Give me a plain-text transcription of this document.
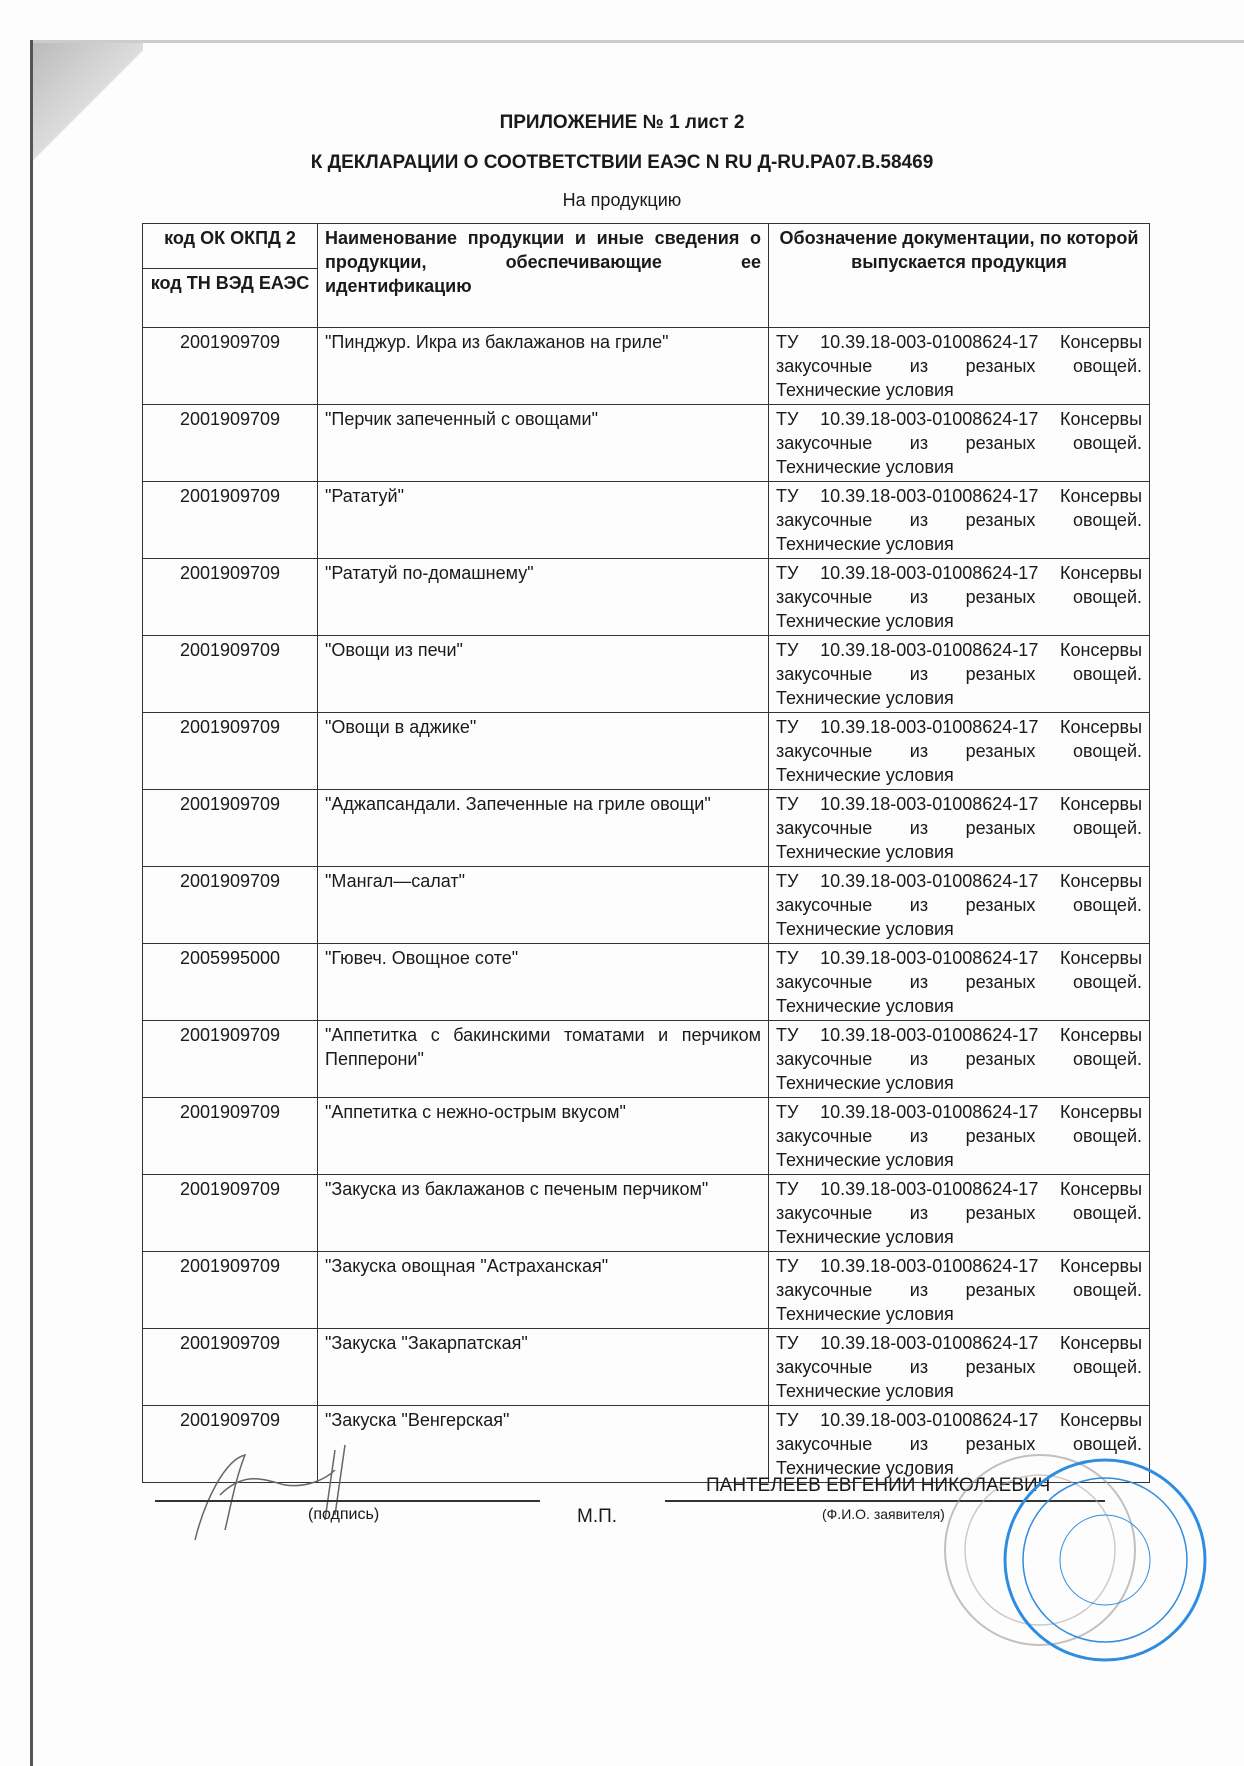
ПРИЛОЖЕНИЕ № 1 лист 2
К ДЕКЛАРАЦИИ О СООТВЕТСТВИИ ЕАЭС N RU Д-RU.PA07.B.58469
На продукцию
код ОК ОКПД 2	Наименование продукции и иные сведения о продукции, обеспечивающие ее идентификацию	Обозначение документации, по которой выпускается продукция
код ТН ВЭД ЕАЭС		
2001909709	"Пинджур. Икра из баклажанов на гриле"	ТУ 10.39.18-003-01008624-17 Консервы закусочные из резаных овощей. Технические условия
2001909709	"Перчик запеченный с овощами"	ТУ 10.39.18-003-01008624-17 Консервы закусочные из резаных овощей. Технические условия
2001909709	"Рататуй"	ТУ 10.39.18-003-01008624-17 Консервы закусочные из резаных овощей. Технические условия
2001909709	"Рататуй по-домашнему"	ТУ 10.39.18-003-01008624-17 Консервы закусочные из резаных овощей. Технические условия
2001909709	"Овощи из печи"	ТУ 10.39.18-003-01008624-17 Консервы закусочные из резаных овощей. Технические условия
2001909709	"Овощи в аджике"	ТУ 10.39.18-003-01008624-17 Консервы закусочные из резаных овощей. Технические условия
2001909709	"Аджапсандали. Запеченные на гриле овощи"	ТУ 10.39.18-003-01008624-17 Консервы закусочные из резаных овощей. Технические условия
2001909709	"Мангал—салат"	ТУ 10.39.18-003-01008624-17 Консервы закусочные из резаных овощей. Технические условия
2005995000	"Гювеч. Овощное соте"	ТУ 10.39.18-003-01008624-17 Консервы закусочные из резаных овощей. Технические условия
2001909709	"Аппетитка с бакинскими томатами и перчиком Пепперони"	ТУ 10.39.18-003-01008624-17 Консервы закусочные из резаных овощей. Технические условия
2001909709	"Аппетитка с нежно-острым вкусом"	ТУ 10.39.18-003-01008624-17 Консервы закусочные из резаных овощей. Технические условия
2001909709	"Закуска из баклажанов с печеным перчиком"	ТУ 10.39.18-003-01008624-17 Консервы закусочные из резаных овощей. Технические условия
2001909709	"Закуска овощная "Астраханская"	ТУ 10.39.18-003-01008624-17 Консервы закусочные из резаных овощей. Технические условия
2001909709	"Закуска "Закарпатская"	ТУ 10.39.18-003-01008624-17 Консервы закусочные из резаных овощей. Технические условия
2001909709	"Закуска "Венгерская"	ТУ 10.39.18-003-01008624-17 Консервы закусочные из резаных овощей. Технические условия
(подпись)	М.П.
ПАНТЕЛЕЕВ ЕВГЕНИЙ НИКОЛАЕВИЧ
(Ф.И.О. заявителя)
